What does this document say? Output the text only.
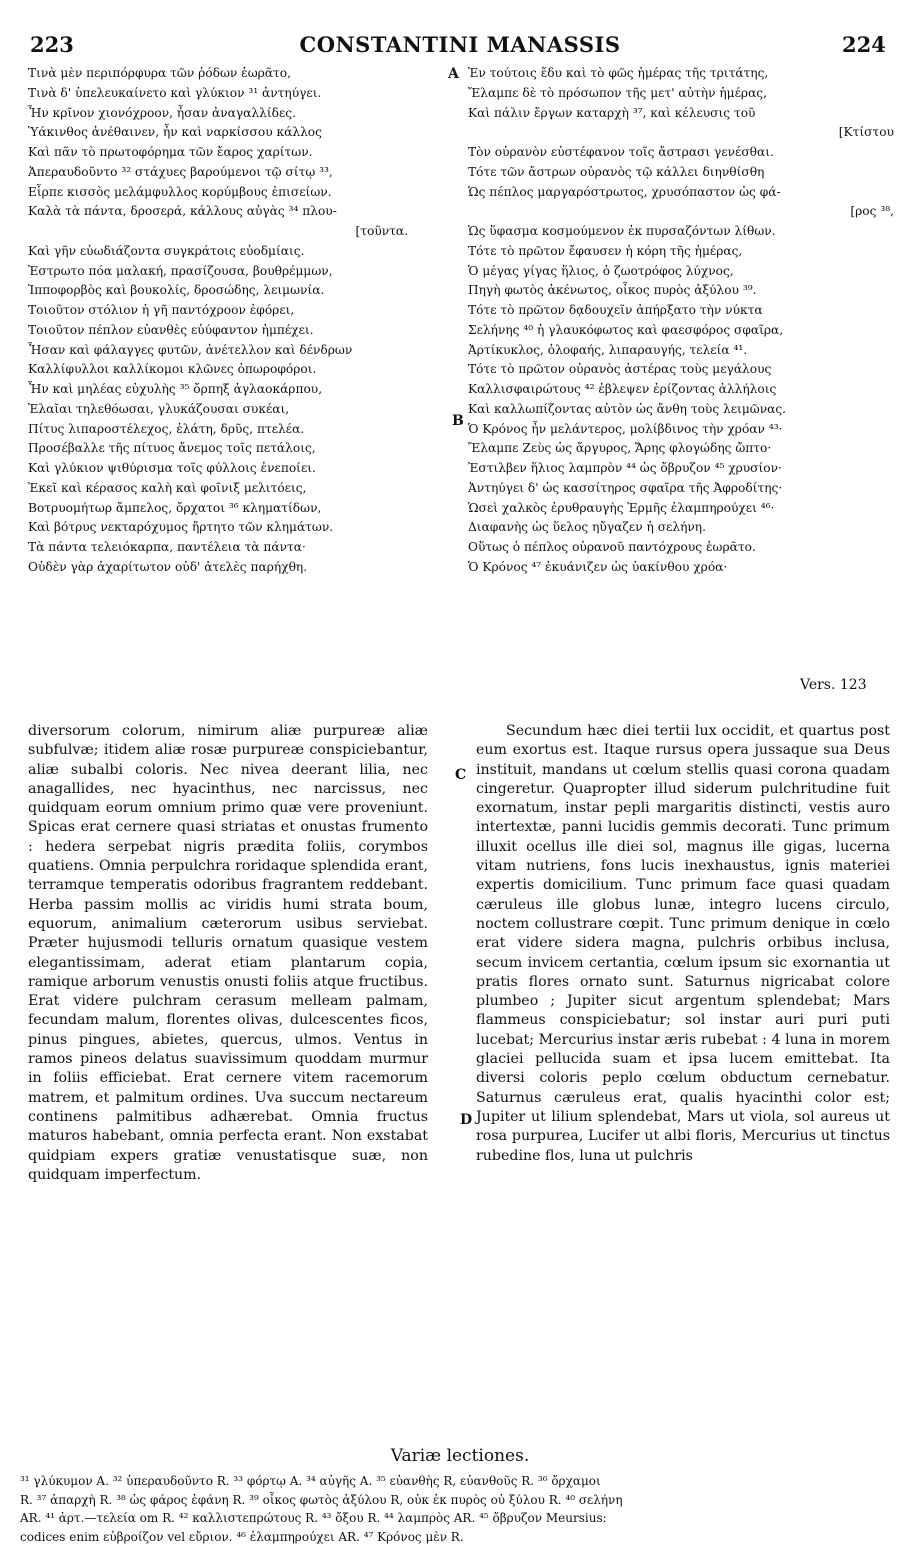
223	CONSTANTINI MANASSIS	224
A
B
C
D
Τινὰ μὲν περιπόρφυρα τῶν ῥόδων ἑωρᾶτο,
Τινὰ δ' ὑπελευκαίνετο καὶ γλύκιον ³¹ ἀντηύγει.
Ἦν κρῖνον χιονόχροον, ἦσαν ἀναγαλλίδες.
Ὑάκινθος ἀνέθαινεν, ἦν καὶ ναρκίσσου κάλλος
Καὶ πᾶν τὸ πρωτοφόρημα τῶν ἔαρος χαρίτων.
Ἀπεραυδοῦντο ³² στάχυες βαρούμενοι τῷ σίτῳ ³³,
Εἷρπε κισσὸς μελάμφυλλος κορύμβους ἐπισείων.
Καλὰ τὰ πάντα, δροσερά, κάλλους αὐγὰς ³⁴ πλου-
[τοῦντα.
Καὶ γῆν εὐωδιάζοντα συγκράτοις εὐοδμίαις.
Ἐστρωτο πόα μαλακή, πρασίζουσα, βουθρέμμων,
Ἱπποφορβὸς καὶ βουκολίς, δροσώδης, λειμωνία.
Τοιοῦτον στόλιον ἡ γῆ παντόχροον ἐφόρει,
Τοιοῦτον πέπλον εὐανθὲς εὐύφαντον ἠμπέχει.
Ἦσαν καὶ φάλαγγες φυτῶν, ἀνέτελλον καὶ δένδρων
Καλλίφυλλοι καλλίκομοι κλῶνες ὀπωροφόροι.
Ἦν καὶ μηλέας εὐχυλὴς ³⁵ ὄρπηξ ἀγλαοκάρπου,
Ἐλαῖαι τηλεθόωσαι, γλυκάζουσαι συκέαι,
Πίτυς λιπαροστέλεχος, ἐλάτη, δρῦς, πτελέα.
Προσέβαλλε τῆς πίτυος ἄνεμος τοῖς πετάλοις,
Καὶ γλύκιον ψιθύρισμα τοῖς φύλλοις ἐνεποίει.
Ἐκεῖ καὶ κέρασος καλὴ καὶ φοῖνιξ μελιτόεις,
Βοτρυομήτωρ ἄμπελος, ὄρχατοι ³⁶ κληματίδων,
Καὶ βότρυς νεκταρόχυμος ἤρτητο τῶν κλημάτων.
Τὰ πάντα τελειόκαρπα, παντέλεια τὰ πάντα·
Οὐδὲν γὰρ ἀχαρίτωτον οὐδ' ἀτελὲς παρήχθη.
Ἐν τούτοις ἔδυ καὶ τὸ φῶς ἡμέρας τῆς τριτάτης,
Ἔλαμπε δὲ τὸ πρόσωπον τῆς μετ' αὐτὴν ἡμέρας,
Καὶ πάλιν ἔργων καταρχὴ ³⁷, καὶ κέλευσις τοῦ
[Κτίστου
Τὸν οὐρανὸν εὐστέφανον τοῖς ἄστρασι γενέσθαι.
Τότε τῶν ἄστρων οὐρανὸς τῷ κάλλει διηνθίσθη
Ὡς πέπλος μαργαρόστρωτος, χρυσόπαστον ὡς φά-
[ρος ³⁸,
Ὡς ὕφασμα κοσμούμενον ἐκ πυρσαζόντων λίθων.
Τότε τὸ πρῶτον ἔφαυσεν ἡ κόρη τῆς ἡμέρας,
Ὁ μέγας γίγας ἥλιος, ὁ ζωοτρόφος λύχνος,
Πηγὴ φωτὸς ἀκένωτος, οἶκος πυρὸς ἀξύλου ³⁹.
Τότε τὸ πρῶτον δᾳδουχεῖν ἀπήρξατο τὴν νύκτα
Σελήνης ⁴⁰ ἡ γλαυκόφωτος καὶ φαεσφόρος σφαῖρα,
Ἀρτίκυκλος, ὁλοφαής, λιπαραυγής, τελεία ⁴¹.
Τότε τὸ πρῶτον οὐρανὸς ἀστέρας τοὺς μεγάλους
Καλλισφαιρώτους ⁴² ἐβλεψεν ἐρίζοντας ἀλλήλοις
Καὶ καλλωπίζοντας αὐτὸν ὡς ἄνθη τοὺς λειμῶνας.
Ὁ Κρόνος ἦν μελάντερος, μολίβδινος τὴν χρόαν ⁴³·
Ἔλαμπε Ζεὺς ὡς ἄργυρος, Ἄρης φλογώδης ὤπτο·
Ἐστιλβεν ἥλιος λαμπρὸν ⁴⁴ ὡς ὄβρυζον ⁴⁵ χρυσίον·
Ἀντηύγει δ' ὡς κασσίτηρος σφαῖρα τῆς Ἀφροδίτης·
Ὡσεὶ χαλκὸς ἐρυθραυγὴς Ἑρμῆς ἐλαμπηρούχει ⁴⁶·
Διαφανὴς ὡς ὕελος ηὔγαζεν ἡ σελήνη.
Οὕτως ὁ πέπλος οὐρανοῦ παντόχρους ἑωρᾶτο.
Ὁ Κρόνος ⁴⁷ ἐκυάνιζεν ὡς ὑακίνθου χρόα·
Vers. 123

diversorum colorum, nimirum aliæ purpureæ aliæ subfulvæ; itidem aliæ rosæ purpureæ conspiciebantur, aliæ subalbi coloris. Nec nivea deerant lilia, nec anagallides, nec hyacinthus, nec narcissus, nec quidquam eorum omnium primo quæ vere proveniunt. Spicas erat cernere quasi striatas et onustas frumento : hedera serpebat nigris prædita foliis, corymbos quatiens. Omnia perpulchra roridaque splendida erant, terramque temperatis odoribus fragrantem reddebant. Herba passim mollis ac viridis humi strata boum, equorum, animalium cæterorum usibus serviebat. Præter hujusmodi telluris ornatum quasique vestem elegantissimam, aderat etiam plantarum copia, ramique arborum venustis onusti foliis atque fructibus. Erat videre pulchram cerasum melleam palmam, fecundam malum, florentes olivas, dulcescentes ficos, pinus pingues, abietes, quercus, ulmos. Ventus in ramos pineos delatus suavissimum quoddam murmur in foliis efficiebat. Erat cernere vitem racemorum matrem, et palmitum ordines. Uva succum nectareum continens palmitibus adhærebat. Omnia fructus maturos habebant, omnia perfecta erant. Non exstabat quidpiam expers gratiæ venustatisque suæ, non quidquam imperfectum.

Secundum hæc diei tertii lux occidit, et quartus post eum exortus est. Itaque rursus opera jussaque sua Deus instituit, mandans ut cœlum stellis quasi corona quadam cingeretur. Quapropter illud siderum pulchritudine fuit exornatum, instar pepli margaritis distincti, vestis auro intertextæ, panni lucidis gemmis decorati. Tunc primum illuxit ocellus ille diei sol, magnus ille gigas, lucerna vitam nutriens, fons lucis inexhaustus, ignis materiei expertis domicilium. Tunc primum face quasi quadam cæruleus ille globus lunæ, integro lucens circulo, noctem collustrare cœpit. Tunc primum denique in cœlo erat videre sidera magna, pulchris orbibus inclusa, secum invicem certantia, cœlum ipsum sic exornantia ut pratis flores ornato sunt. Saturnus nigricabat colore plumbeo ; Jupiter sicut argentum splendebat; Mars flammeus conspiciebatur; sol instar auri puri puti lucebat; Mercurius instar æris rubebat : 4 luna in morem glaciei pellucida suam et ipsa lucem emittebat. Ita diversi coloris peplo cœlum obductum cernebatur. Saturnus cæruleus erat, qualis hyacinthi color est; Jupiter ut lilium splendebat, Mars ut viola, sol aureus ut rosa purpurea, Lucifer ut albi floris, Mercurius ut tinctus rubedine flos, luna ut pulchris

Variæ lectiones.
³¹ γλύκυμον A. ³² ὑπεραυδοῦντο R. ³³ φόρτῳ A. ³⁴ αὐγῆς A. ³⁵ εὐανθὴς R, εὐανθοῦς R. ³⁶ ὄρχαμοι
R. ³⁷ ἀπαρχὴ R. ³⁸ ὡς φάρος ἐφάνη R. ³⁹ οἶκος φωτὸς ἀξύλου R, οὐκ ἐκ πυρὸς οὐ ξύλου R. ⁴⁰ σελήνη
AR. ⁴¹ ἀρτ.—τελεία om R. ⁴² καλλιστεπρώτους R. ⁴³ ὄξου R. ⁴⁴ λαμπρὸς AR. ⁴⁵ ὄβρυζον Meursius:
codices enim εὐβροίζον vel εὔριον. ⁴⁶ ἐλαμπηρούχει AR. ⁴⁷ Κρόνος μὲν R.
